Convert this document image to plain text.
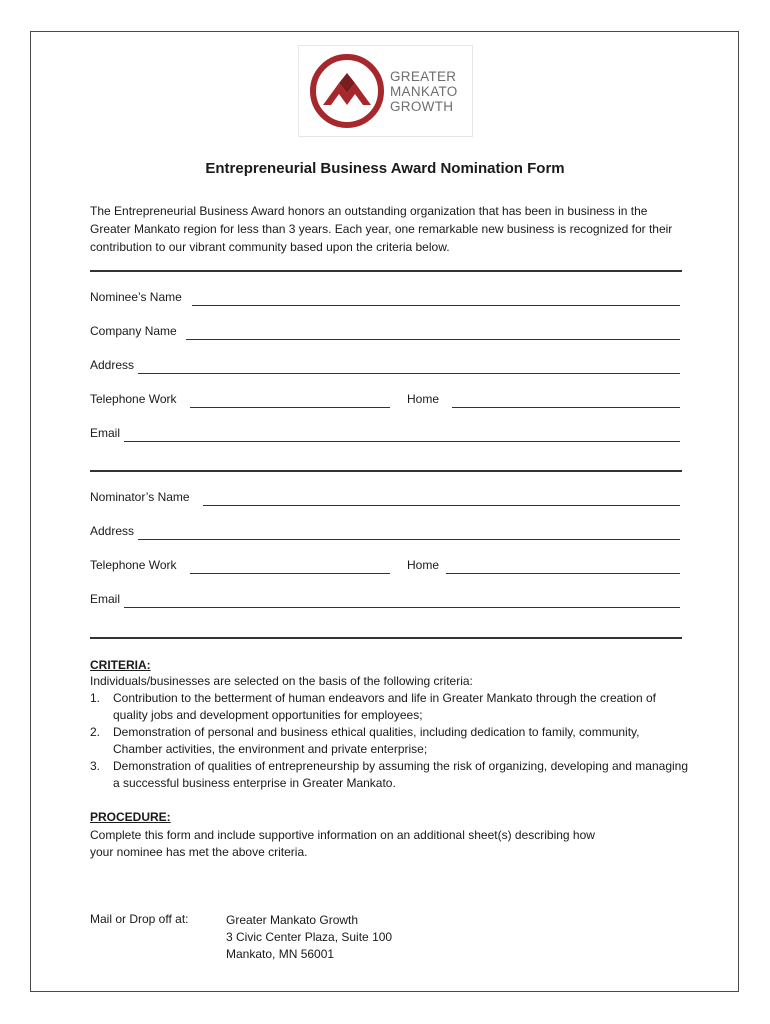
GREATER
MANKATO
GROWTH
Entrepreneurial Business Award Nomination Form
The Entrepreneurial Business Award honors an outstanding organization that has been in business in the Greater Mankato region for less than 3 years. Each year, one remarkable new business is recognized for their contribution to our vibrant community based upon the criteria below.
Nominee’s Name
Company Name
Address
Telephone Work	Home
Email
Nominator’s Name
Address
Telephone Work	Home
Email
CRITERIA:
Individuals/businesses are selected on the basis of the following criteria:
1. Contribution to the betterment of human endeavors and life in Greater Mankato through the creation of quality jobs and development opportunities for employees;
2. Demonstration of personal and business ethical qualities, including dedication to family, community, Chamber activities, the environment and private enterprise;
3. Demonstration of qualities of entrepreneurship by assuming the risk of organizing, developing and managing a successful business enterprise in Greater Mankato.
PROCEDURE:
Complete this form and include supportive information on an additional sheet(s) describing how
your nominee has met the above criteria.
Mail or Drop off at:	Greater Mankato Growth
3 Civic Center Plaza, Suite 100
Mankato, MN 56001
